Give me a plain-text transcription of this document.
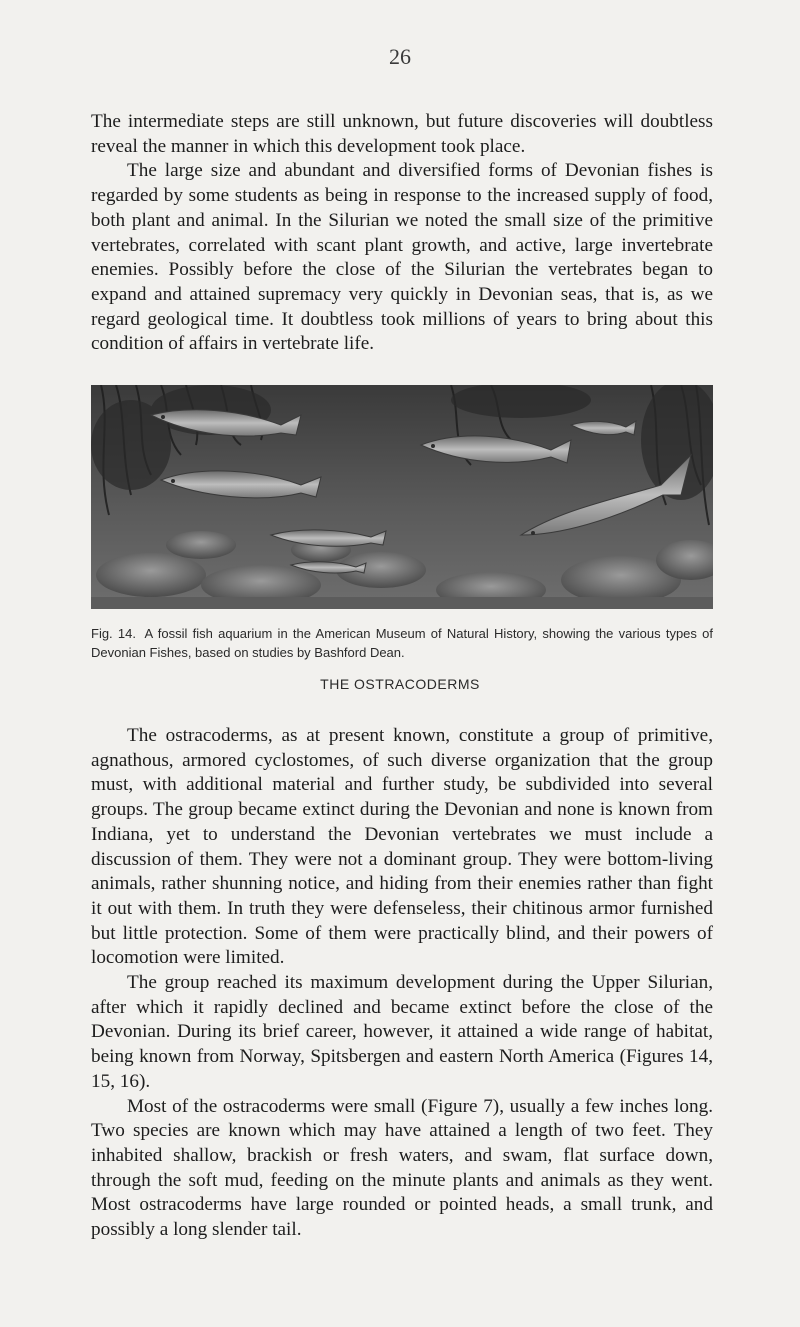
26

The intermediate steps are still unknown, but future discoveries will doubtless reveal the manner in which this development took place.

The large size and abundant and diversified forms of Devonian fishes is regarded by some students as being in response to the increased supply of food, both plant and animal. In the Silurian we noted the small size of the primitive vertebrates, correlated with scant plant growth, and active, large invertebrate enemies. Possibly before the close of the Silurian the vertebrates began to expand and attained supremacy very quickly in Devonian seas, that is, as we regard geological time. It doubtless took millions of years to bring about this condition of affairs in vertebrate life.

Fig. 14. A fossil fish aquarium in the American Museum of Natural History, showing the various types of Devonian Fishes, based on studies by Bashford Dean.
THE OSTRACODERMS

The ostracoderms, as at present known, constitute a group of primitive, agnathous, armored cyclostomes, of such diverse organization that the group must, with additional material and further study, be subdivided into several groups. The group became extinct during the Devonian and none is known from Indiana, yet to understand the Devonian vertebrates we must include a discussion of them. They were not a dominant group. They were bottom-living animals, rather shunning notice, and hiding from their enemies rather than fight it out with them. In truth they were defenseless, their chitinous armor furnished but little protection. Some of them were practically blind, and their powers of locomotion were limited.

The group reached its maximum development during the Upper Silurian, after which it rapidly declined and became extinct before the close of the Devonian. During its brief career, however, it attained a wide range of habitat, being known from Norway, Spitsbergen and eastern North America (Figures 14, 15, 16).

Most of the ostracoderms were small (Figure 7), usually a few inches long. Two species are known which may have attained a length of two feet. They inhabited shallow, brackish or fresh waters, and swam, flat surface down, through the soft mud, feeding on the minute plants and animals as they went. Most ostracoderms have large rounded or pointed heads, a small trunk, and possibly a long slender tail.
